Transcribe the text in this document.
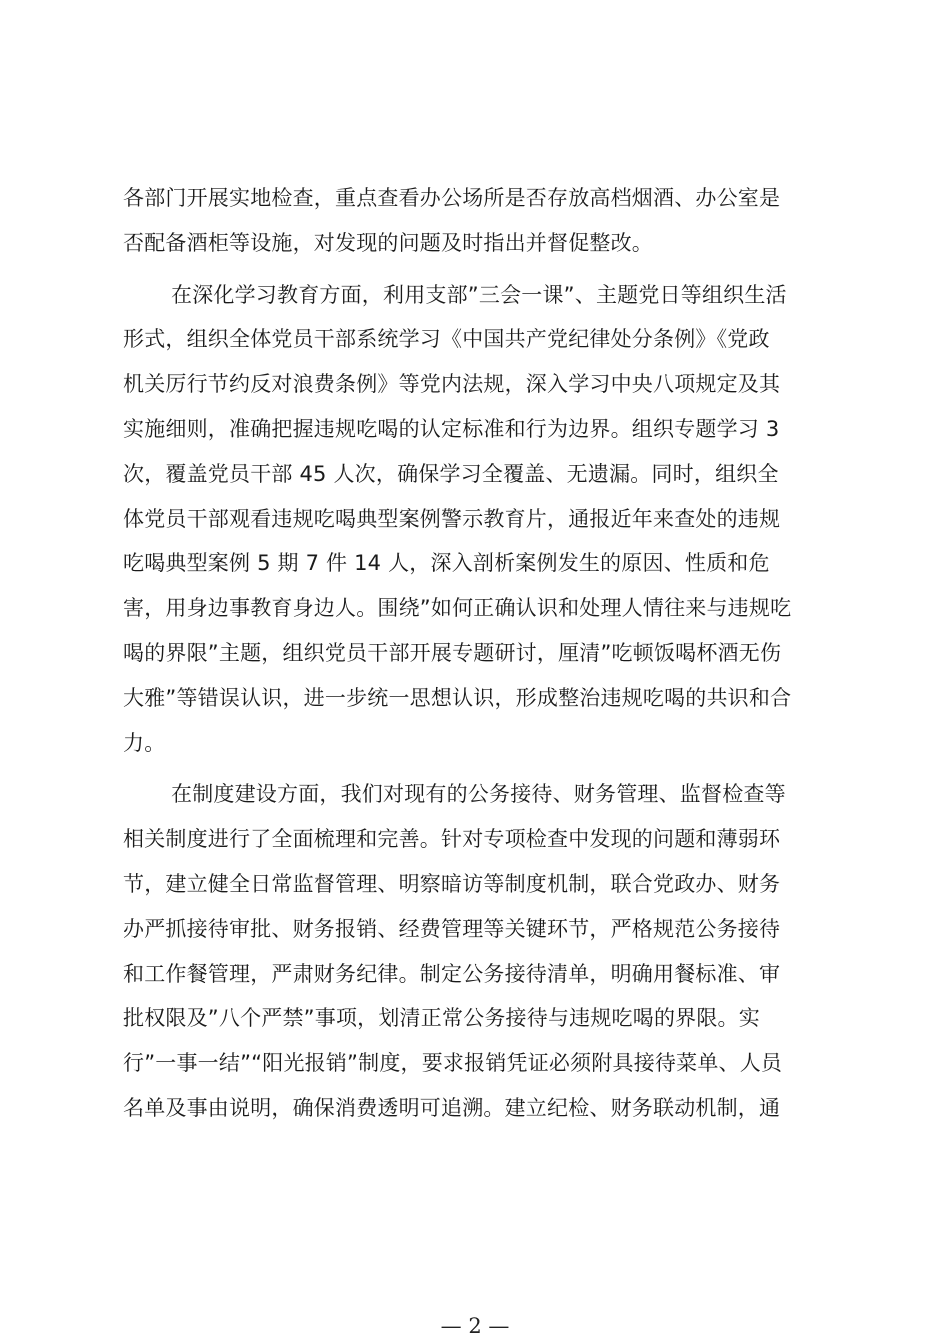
各部门开展实地检查，重点查看办公场所是否存放高档烟酒、办公室是
否配备酒柜等设施，对发现的问题及时指出并督促整改。
在深化学习教育方面，利用支部”三会一课”、主题党日等组织生活
形式，组织全体党员干部系统学习《中国共产党纪律处分条例》《党政
机关厉行节约反对浪费条例》等党内法规，深入学习中央八项规定及其
实施细则，准确把握违规吃喝的认定标准和行为边界。组织专题学习 3
次，覆盖党员干部 45 人次，确保学习全覆盖、无遗漏。同时，组织全
体党员干部观看违规吃喝典型案例警示教育片，通报近年来查处的违规
吃喝典型案例 5 期 7 件 14 人，深入剖析案例发生的原因、性质和危
害，用身边事教育身边人。围绕”如何正确认识和处理人情往来与违规吃
喝的界限”主题，组织党员干部开展专题研讨，厘清”吃顿饭喝杯酒无伤
大雅”等错误认识，进一步统一思想认识，形成整治违规吃喝的共识和合
力。
在制度建设方面，我们对现有的公务接待、财务管理、监督检查等
相关制度进行了全面梳理和完善。针对专项检查中发现的问题和薄弱环
节，建立健全日常监督管理、明察暗访等制度机制，联合党政办、财务
办严抓接待审批、财务报销、经费管理等关键环节，严格规范公务接待
和工作餐管理，严肃财务纪律。制定公务接待清单，明确用餐标准、审
批权限及”八个严禁”事项，划清正常公务接待与违规吃喝的界限。实
行”一事一结”“阳光报销”制度，要求报销凭证必须附具接待菜单、人员
名单及事由说明，确保消费透明可追溯。建立纪检、财务联动机制，通
— 2 —
